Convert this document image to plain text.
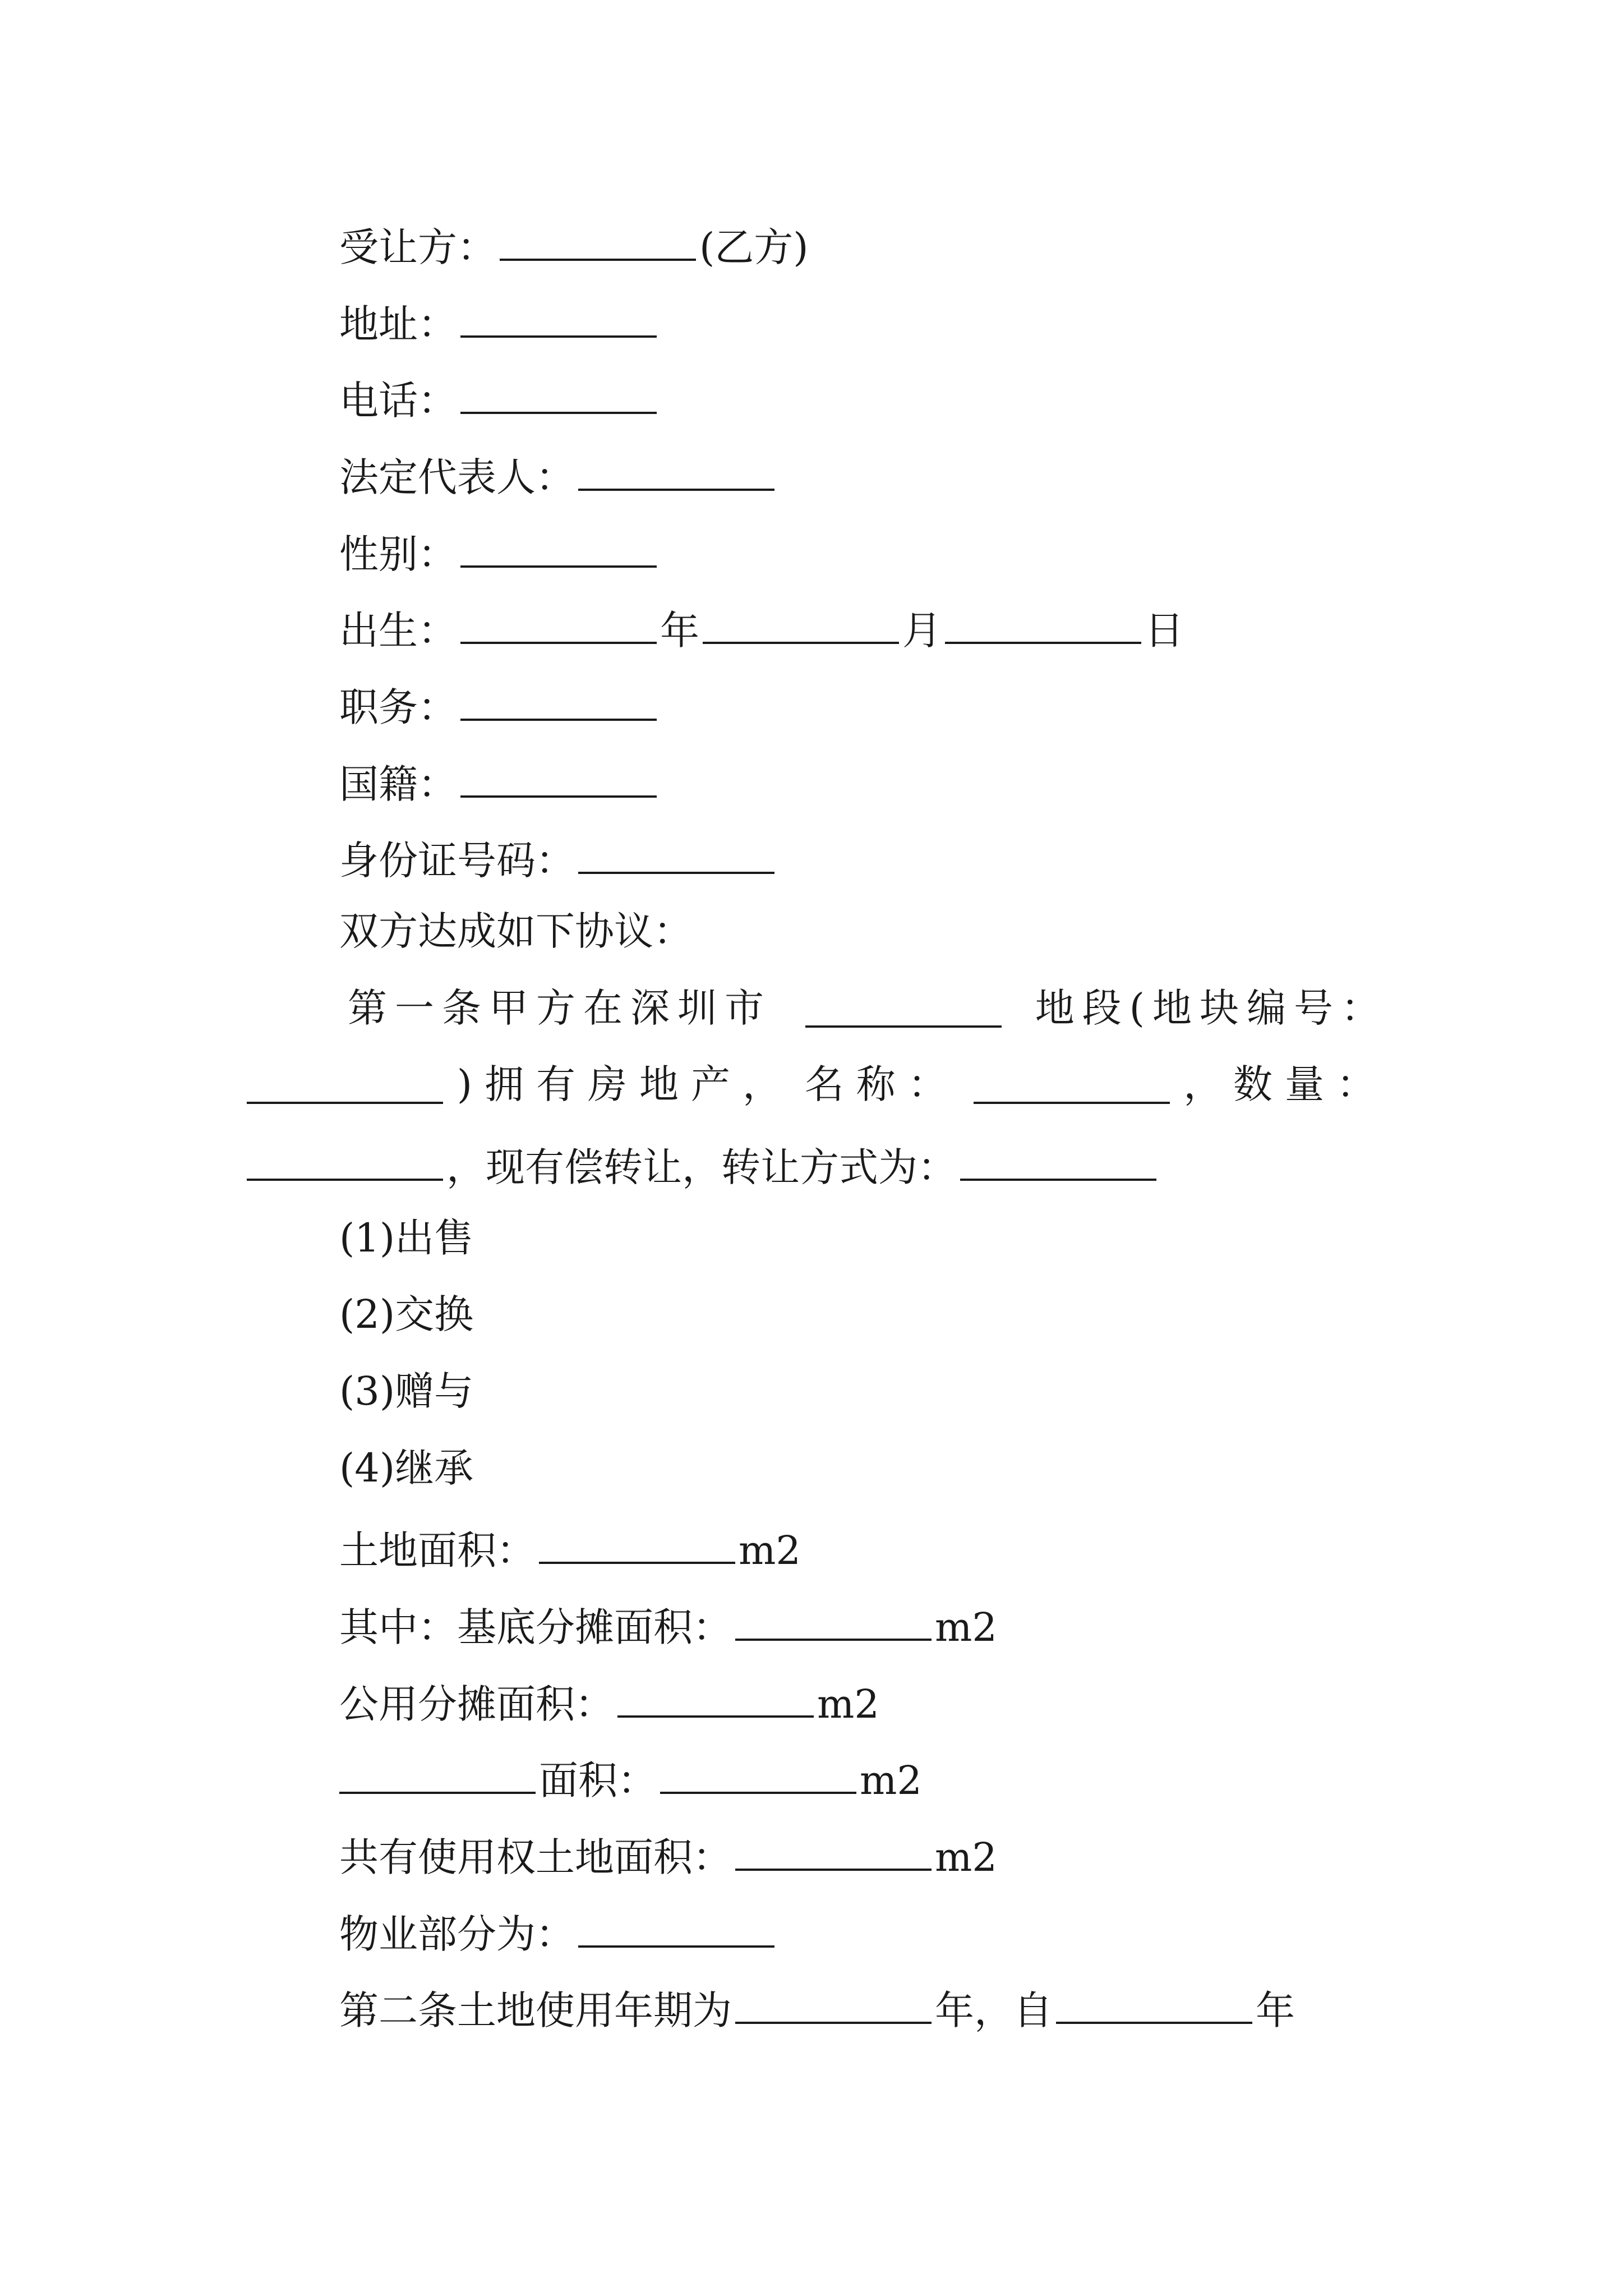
受让方：	(乙方)
地址：
电话：
法定代表人：
性别：
出生：	年	月	日
职务：
国籍：
身份证号码：
双方达成如下协议：
第一条甲方在深圳市	地段(地块编号：
)拥有房地产， 名称：	， 数量：
，现有偿转让，转让方式为：
(1)出售
(2)交换
(3)赠与
(4)继承
土地面积：	m2
其中：基底分摊面积：	m2
公用分摊面积：	m2
面积：	m2
共有使用权土地面积：	m2
物业部分为：
第二条土地使用年期为	年，自	年
